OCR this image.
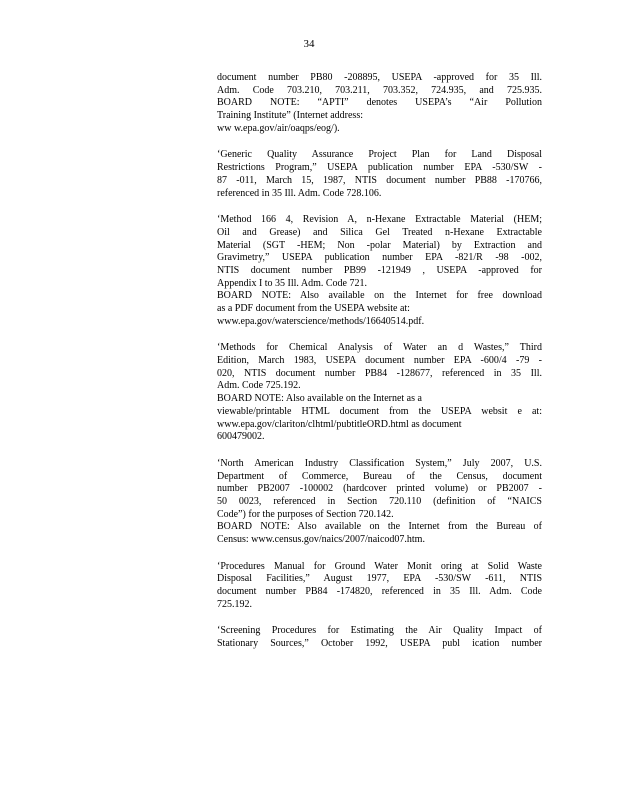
34
document number PB80 -208895, USEPA -approved for 35 Ill.
Adm. Code 703.210, 703.211, 703.352, 724.935, and 725.935.
BOARD NOTE: “APTI” denotes USEPA’s “Air Pollution
Training Institute” (Internet address:
ww w.epa.gov/air/oaqps/eog/).
‘Generic Quality Assurance Project Plan for Land Disposal
Restrictions Program,” USEPA publication number EPA -530/SW -
87 -011, March 15, 1987, NTIS document number PB88 -170766,
referenced in 35 Ill. Adm. Code 728.106.
‘Method 166 4, Revision A, n-Hexane Extractable Material (HEM;
Oil and Grease) and Silica Gel Treated n-Hexane Extractable
Material (SGT -HEM; Non -polar Material) by Extraction and
Gravimetry,” USEPA publication number EPA -821/R -98 -002,
NTIS document number PB99 -121949 , USEPA -approved for
Appendix I to 35 Ill. Adm. Code 721.
BOARD NOTE: Also available on the Internet for free download
as a PDF document from the USEPA website at:
www.epa.gov/waterscience/methods/16640514.pdf.
‘Methods for Chemical Analysis of Water an d Wastes,” Third
Edition, March 1983, USEPA document number EPA -600/4 -79 -
020, NTIS document number PB84 -128677, referenced in 35 Ill.
Adm. Code 725.192.
BOARD NOTE: Also available on the Internet as a
viewable/printable HTML document from the USEPA websit e at:
www.epa.gov/clariton/clhtml/pubtitleORD.html as document
600479002.
‘North American Industry Classification System,” July 2007, U.S.
Department of Commerce, Bureau of the Census, document
number PB2007 -100002 (hardcover printed volume) or PB2007 -
50 0023, referenced in Section 720.110 (definition of “NAICS
Code”) for the purposes of Section 720.142.
BOARD NOTE: Also available on the Internet from the Bureau of
Census: www.census.gov/naics/2007/naicod07.htm.
‘Procedures Manual for Ground Water Monit oring at Solid Waste
Disposal Facilities,” August 1977, EPA -530/SW -611, NTIS
document number PB84 -174820, referenced in 35 Ill. Adm. Code
725.192.
‘Screening Procedures for Estimating the Air Quality Impact of
Stationary Sources,” October 1992, USEPA publ ication number
